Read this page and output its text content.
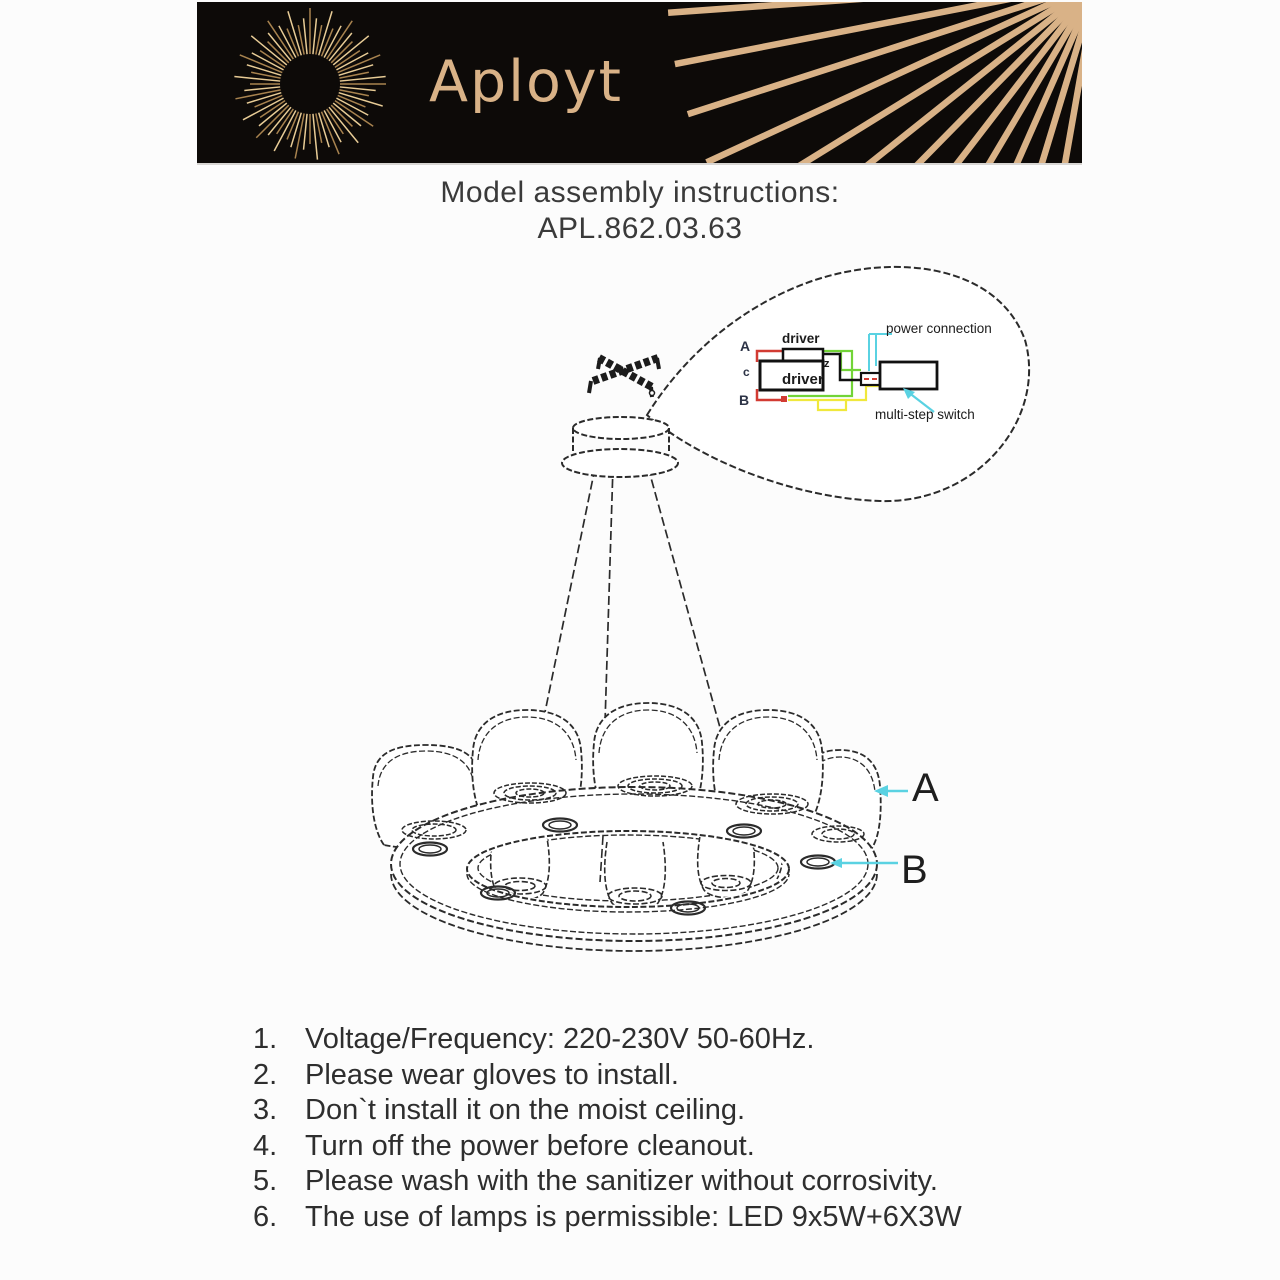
Aployt
Model assembly instructions:
APL.862.03.63
A
c
B
driver
driver
z
power connection
multi-step switch
A
B
1. Voltage/Frequency: 220-230V 50-60Hz.
2. Please wear gloves to install.
3. Don`t install it on the moist ceiling.
4. Turn off the power before cleanout.
5. Please wash with the sanitizer without corrosivity.
6. The use of lamps is permissible: LED 9x5W+6X3W
